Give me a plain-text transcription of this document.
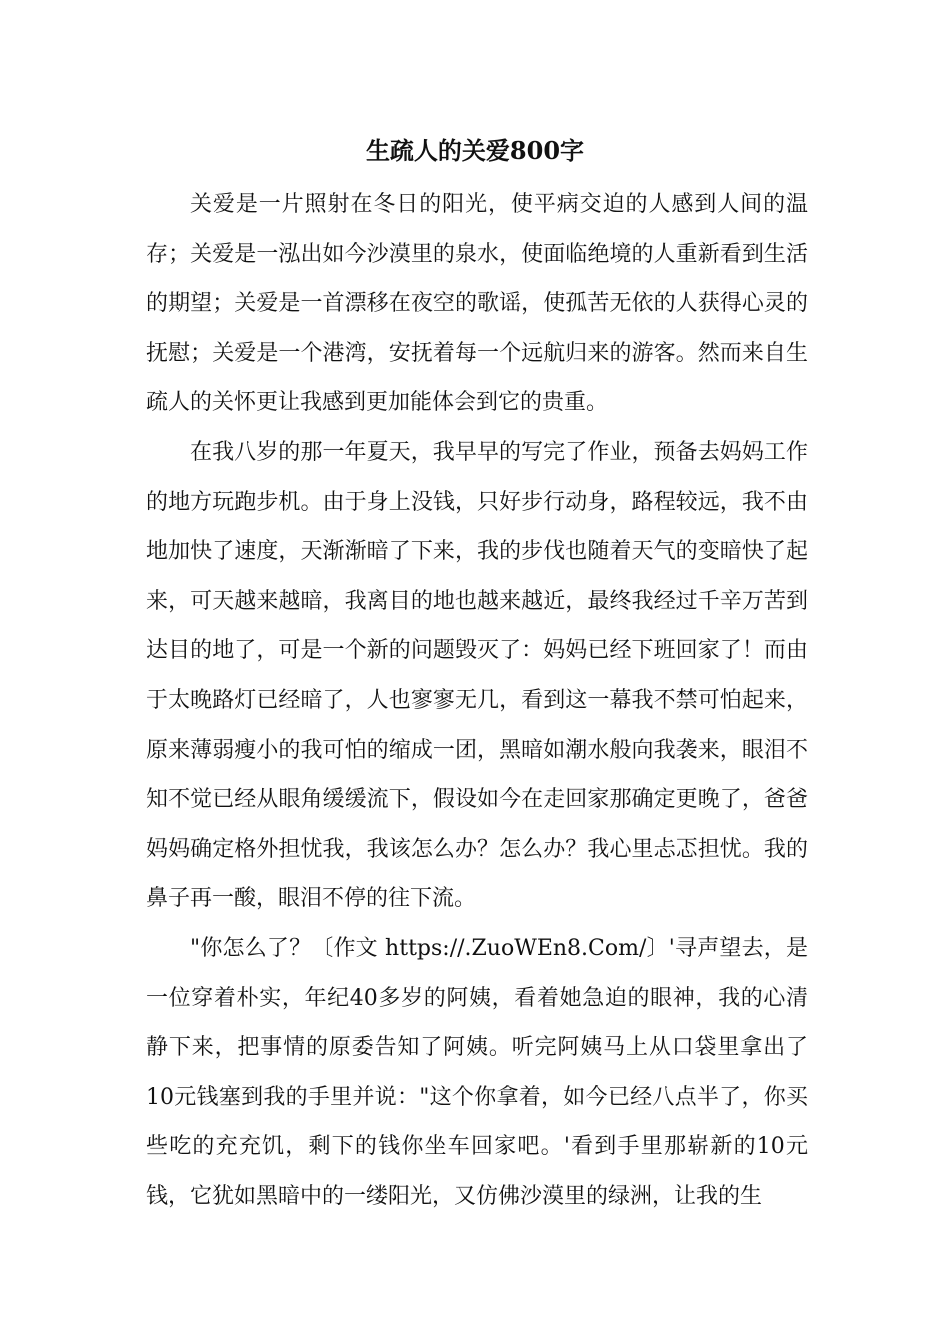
生疏人的关爱800字

关爱是一片照射在冬日的阳光，使平病交迫的人感到人间的温存；关爱是一泓出如今沙漠里的泉水，使面临绝境的人重新看到生活的期望；关爱是一首漂移在夜空的歌谣，使孤苦无依的人获得心灵的抚慰；关爱是一个港湾，安抚着每一个远航归来的游客。然而来自生疏人的关怀更让我感到更加能体会到它的贵重。

在我八岁的那一年夏天，我早早的写完了作业，预备去妈妈工作的地方玩跑步机。由于身上没钱，只好步行动身，路程较远，我不由地加快了速度，天渐渐暗了下来，我的步伐也随着天气的变暗快了起来，可天越来越暗，我离目的地也越来越近，最终我经过千辛万苦到达目的地了，可是一个新的问题毁灭了：妈妈已经下班回家了！而由于太晚路灯已经暗了，人也寥寥无几，看到这一幕我不禁可怕起来，原来薄弱瘦小的我可怕的缩成一团，黑暗如潮水般向我袭来，眼泪不知不觉已经从眼角缓缓流下，假设如今在走回家那确定更晚了，爸爸妈妈确定格外担忧我，我该怎么办？怎么办？我心里忐忑担忧。我的鼻子再一酸，眼泪不停的往下流。

"你怎么了？〔作文 https://.ZuoWEn8.Com/〕'寻声望去，是一位穿着朴实，年纪40多岁的阿姨，看着她急迫的眼神，我的心清静下来，把事情的原委告知了阿姨。听完阿姨马上从口袋里拿出了10元钱塞到我的手里并说："这个你拿着，如今已经八点半了，你买些吃的充充饥，剩下的钱你坐车回家吧。'看到手里那崭新的10元钱，它犹如黑暗中的一缕阳光，又仿佛沙漠里的绿洲，让我的生
